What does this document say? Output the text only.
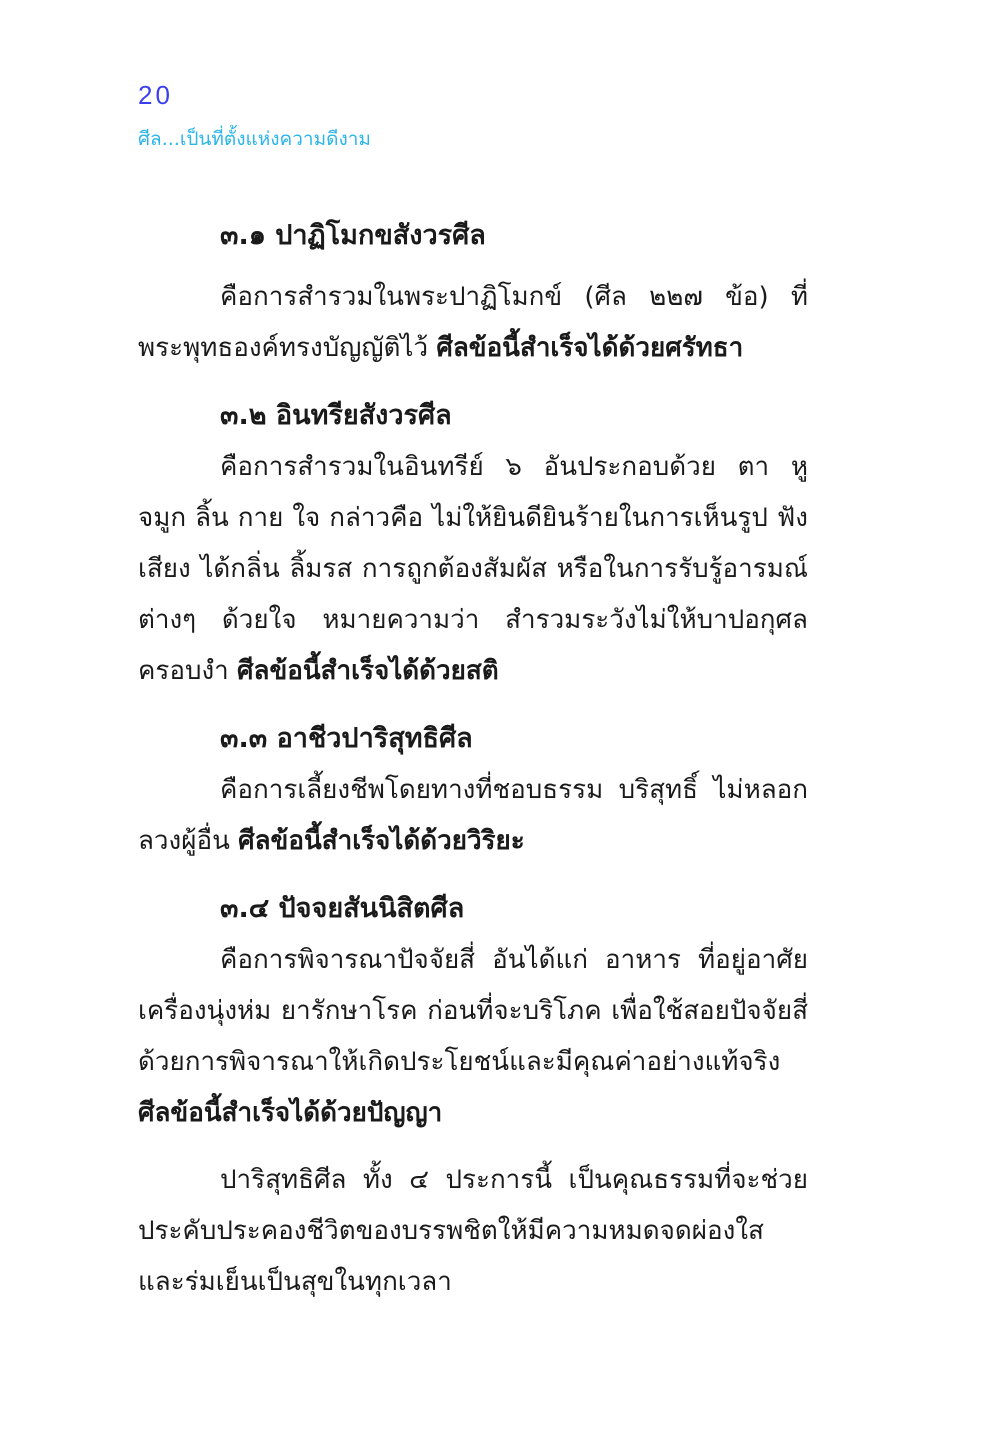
20
ศีล...เป็นที่ตั้งแห่งความดีงาม
๓.๑ ปาฏิโมกขสังวรศีล

คือการสำรวมในพระปาฏิโมกข์ (ศีล ๒๒๗ ข้อ) ที่พระพุทธองค์ทรงบัญญัติไว้ ศีลข้อนี้สำเร็จได้ด้วยศรัทธา

๓.๒ อินทรียสังวรศีล

คือการสำรวมในอินทรีย์ ๖ อันประกอบด้วย ตา หู จมูก ลิ้น กาย ใจ กล่าวคือ ไม่ให้ยินดียินร้ายในการเห็นรูป ฟังเสียง ได้กลิ่น ลิ้มรส การถูกต้องสัมผัส หรือในการรับรู้อารมณ์ต่างๆ ด้วยใจ หมายความว่า สำรวมระวังไม่ให้บาปอกุศลครอบงำ ศีลข้อนี้สำเร็จได้ด้วยสติ

๓.๓ อาชีวปาริสุทธิศีล

คือการเลี้ยงชีพโดยทางที่ชอบธรรม บริสุทธิ์ ไม่หลอกลวงผู้อื่น ศีลข้อนี้สำเร็จได้ด้วยวิริยะ

๓.๔ ปัจจยสันนิสิตศีล

คือการพิจารณาปัจจัยสี่ อันได้แก่ อาหาร ที่อยู่อาศัย เครื่องนุ่งห่ม ยารักษาโรค ก่อนที่จะบริโภค เพื่อใช้สอยปัจจัยสี่ ด้วยการพิจารณาให้เกิดประโยชน์และมีคุณค่าอย่างแท้จริง

ศีลข้อนี้สำเร็จได้ด้วยปัญญา

ปาริสุทธิศีล ทั้ง ๔ ประการนี้ เป็นคุณธรรมที่จะช่วยประคับประคองชีวิตของบรรพชิตให้มีความหมดจดผ่องใสและร่มเย็นเป็นสุขในทุกเวลา
